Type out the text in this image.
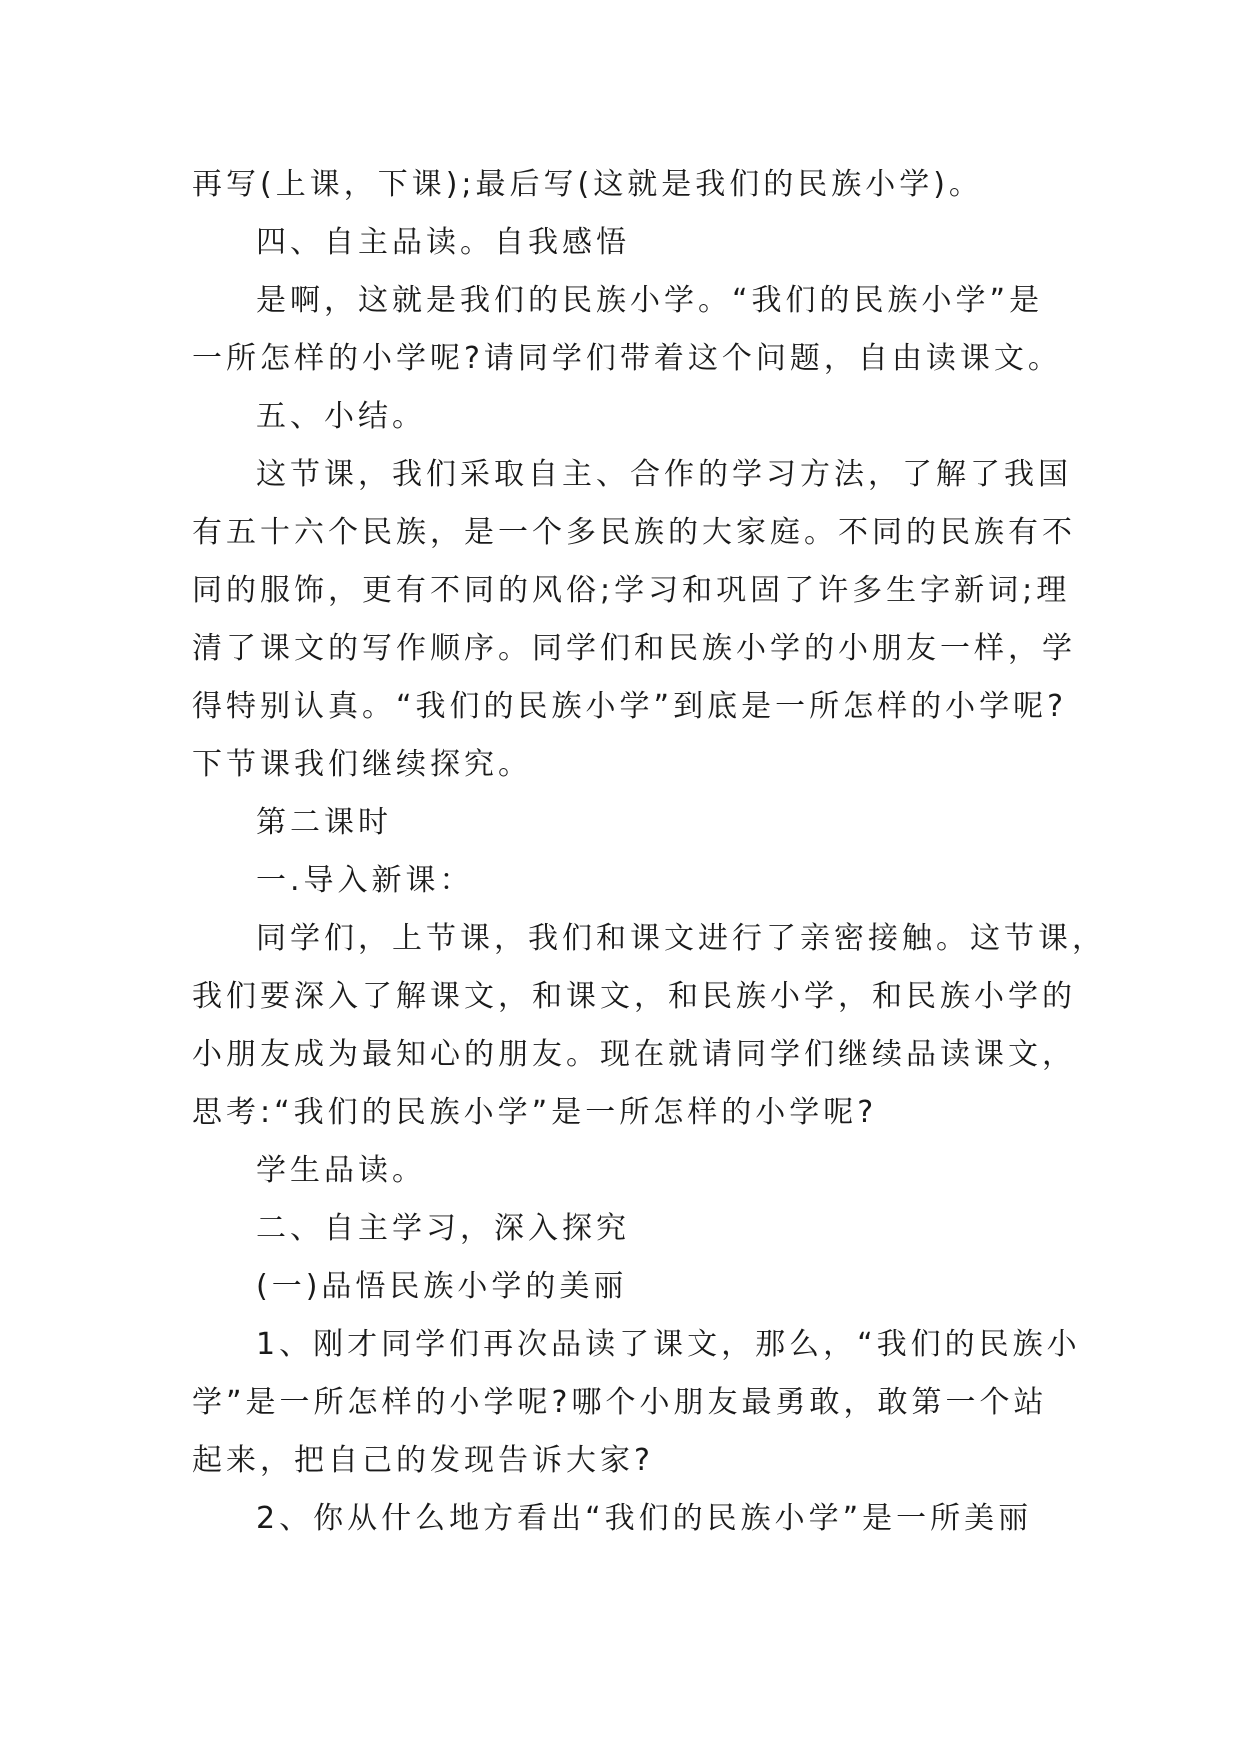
再写(上课，下课);最后写(这就是我们的民族小学)。
四、自主品读。自我感悟
是啊，这就是我们的民族小学。“我们的民族小学”是
一所怎样的小学呢?请同学们带着这个问题，自由读课文。
五、小结。
这节课，我们采取自主、合作的学习方法，了解了我国
有五十六个民族，是一个多民族的大家庭。不同的民族有不
同的服饰，更有不同的风俗;学习和巩固了许多生字新词;理
清了课文的写作顺序。同学们和民族小学的小朋友一样，学
得特别认真。“我们的民族小学”到底是一所怎样的小学呢?
下节课我们继续探究。
第二课时
一.导入新课：
同学们，上节课，我们和课文进行了亲密接触。这节课，
我们要深入了解课文，和课文，和民族小学，和民族小学的
小朋友成为最知心的朋友。现在就请同学们继续品读课文，
思考:“我们的民族小学”是一所怎样的小学呢?
学生品读。
二、自主学习，深入探究
(一)品悟民族小学的美丽
1、刚才同学们再次品读了课文，那么，“我们的民族小
学”是一所怎样的小学呢?哪个小朋友最勇敢，敢第一个站
起来，把自己的发现告诉大家?
2、你从什么地方看出“我们的民族小学”是一所美丽
